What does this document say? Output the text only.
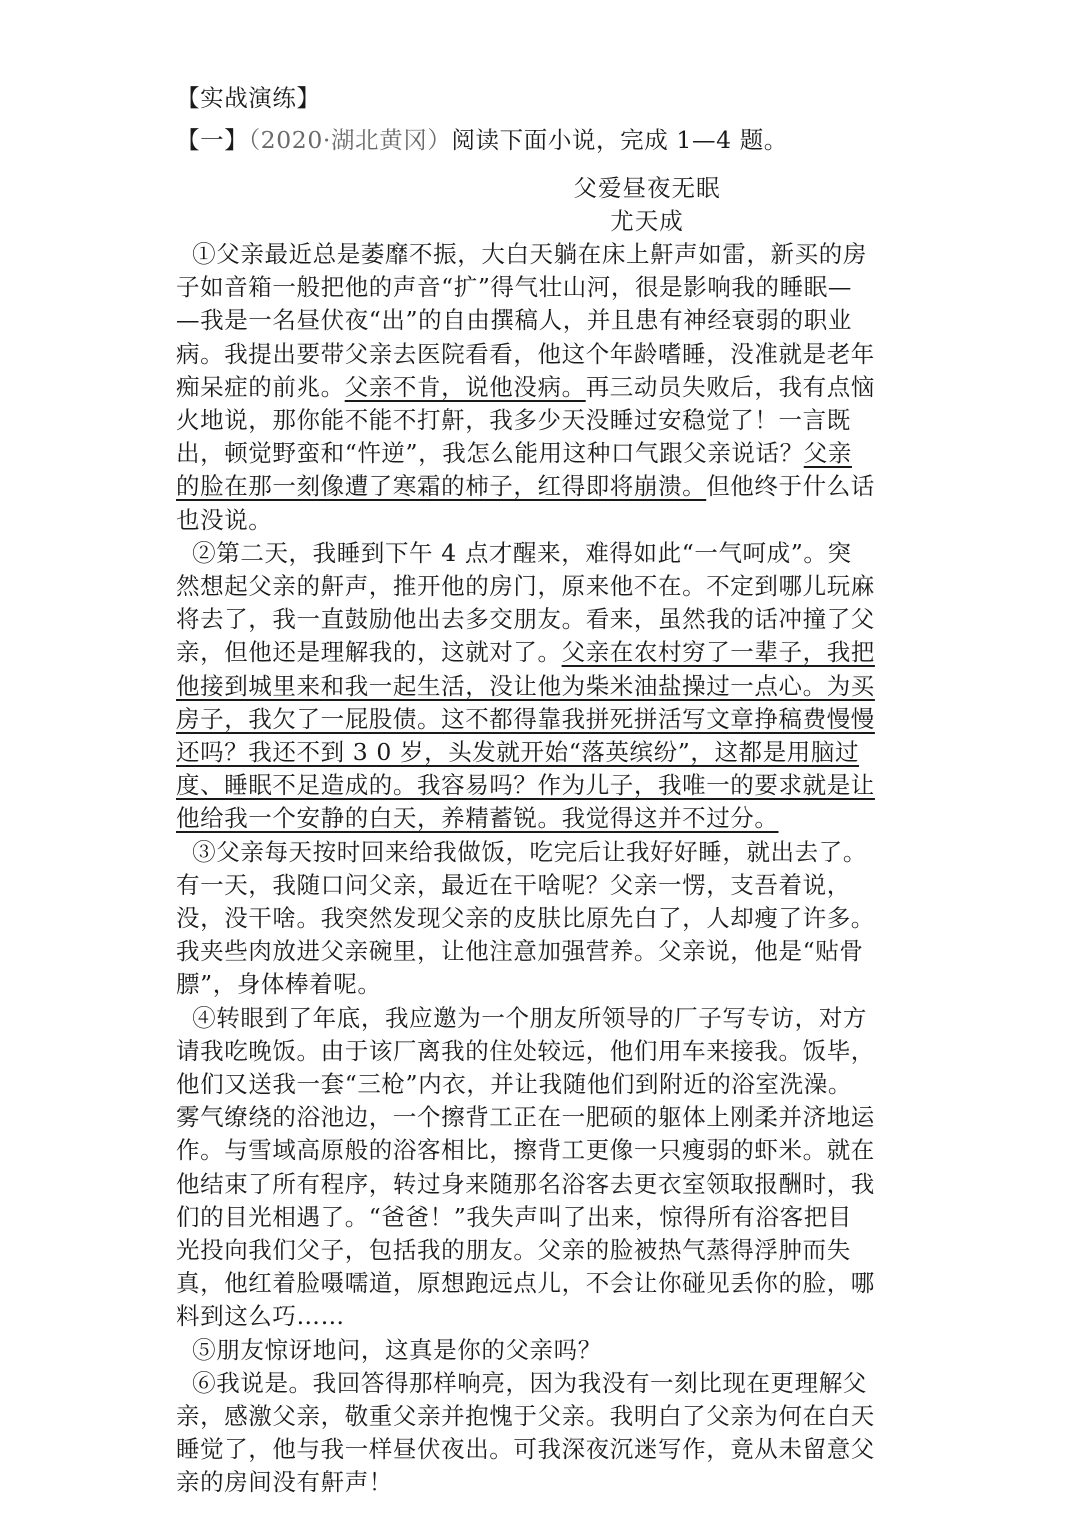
【实战演练】
【一】（2020·湖北黄冈）阅读下面小说，完成 1—4 题。
父爱昼夜无眠
尤天成
①父亲最近总是萎靡不振，大白天躺在床上鼾声如雷，新买的房
子如音箱一般把他的声音“扩”得气壮山河，很是影响我的睡眠—
—我是一名昼伏夜“出”的自由撰稿人，并且患有神经衰弱的职业
病。我提出要带父亲去医院看看，他这个年龄嗜睡，没准就是老年
痴呆症的前兆。父亲不肯，说他没病。再三动员失败后，我有点恼
火地说，那你能不能不打鼾，我多少天没睡过安稳觉了！一言既
出，顿觉野蛮和“忤逆”，我怎么能用这种口气跟父亲说话？父亲
的脸在那一刻像遭了寒霜的柿子，红得即将崩溃。但他终于什么话
也没说。
②第二天，我睡到下午 4 点才醒来，难得如此“一气呵成”。突
然想起父亲的鼾声，推开他的房门，原来他不在。不定到哪儿玩麻
将去了，我一直鼓励他出去多交朋友。看来，虽然我的话冲撞了父
亲，但他还是理解我的，这就对了。父亲在农村穷了一辈子，我把
他接到城里来和我一起生活，没让他为柴米油盐操过一点心。为买
房子，我欠了一屁股债。这不都得靠我拼死拼活写文章挣稿费慢慢
还吗？我还不到 3 0 岁，头发就开始“落英缤纷”，这都是用脑过
度、睡眠不足造成的。我容易吗？作为儿子，我唯一的要求就是让
他给我一个安静的白天，养精蓄锐。我觉得这并不过分。
③父亲每天按时回来给我做饭，吃完后让我好好睡，就出去了。
有一天，我随口问父亲，最近在干啥呢？父亲一愣，支吾着说，
没，没干啥。我突然发现父亲的皮肤比原先白了，人却瘦了许多。
我夹些肉放进父亲碗里，让他注意加强营养。父亲说，他是“贴骨
膘”，身体棒着呢。
④转眼到了年底，我应邀为一个朋友所领导的厂子写专访，对方
请我吃晚饭。由于该厂离我的住处较远，他们用车来接我。饭毕，
他们又送我一套“三枪”内衣，并让我随他们到附近的浴室洗澡。
雾气缭绕的浴池边，一个擦背工正在一肥硕的躯体上刚柔并济地运
作。与雪域高原般的浴客相比，擦背工更像一只瘦弱的虾米。就在
他结束了所有程序，转过身来随那名浴客去更衣室领取报酬时，我
们的目光相遇了。“爸爸！”我失声叫了出来，惊得所有浴客把目
光投向我们父子，包括我的朋友。父亲的脸被热气蒸得浮肿而失
真，他红着脸嗫嚅道，原想跑远点儿，不会让你碰见丢你的脸，哪
料到这么巧……
⑤朋友惊讶地问，这真是你的父亲吗？
⑥我说是。我回答得那样响亮，因为我没有一刻比现在更理解父
亲，感激父亲，敬重父亲并抱愧于父亲。我明白了父亲为何在白天
睡觉了，他与我一样昼伏夜出。可我深夜沉迷写作，竟从未留意父
亲的房间没有鼾声！
